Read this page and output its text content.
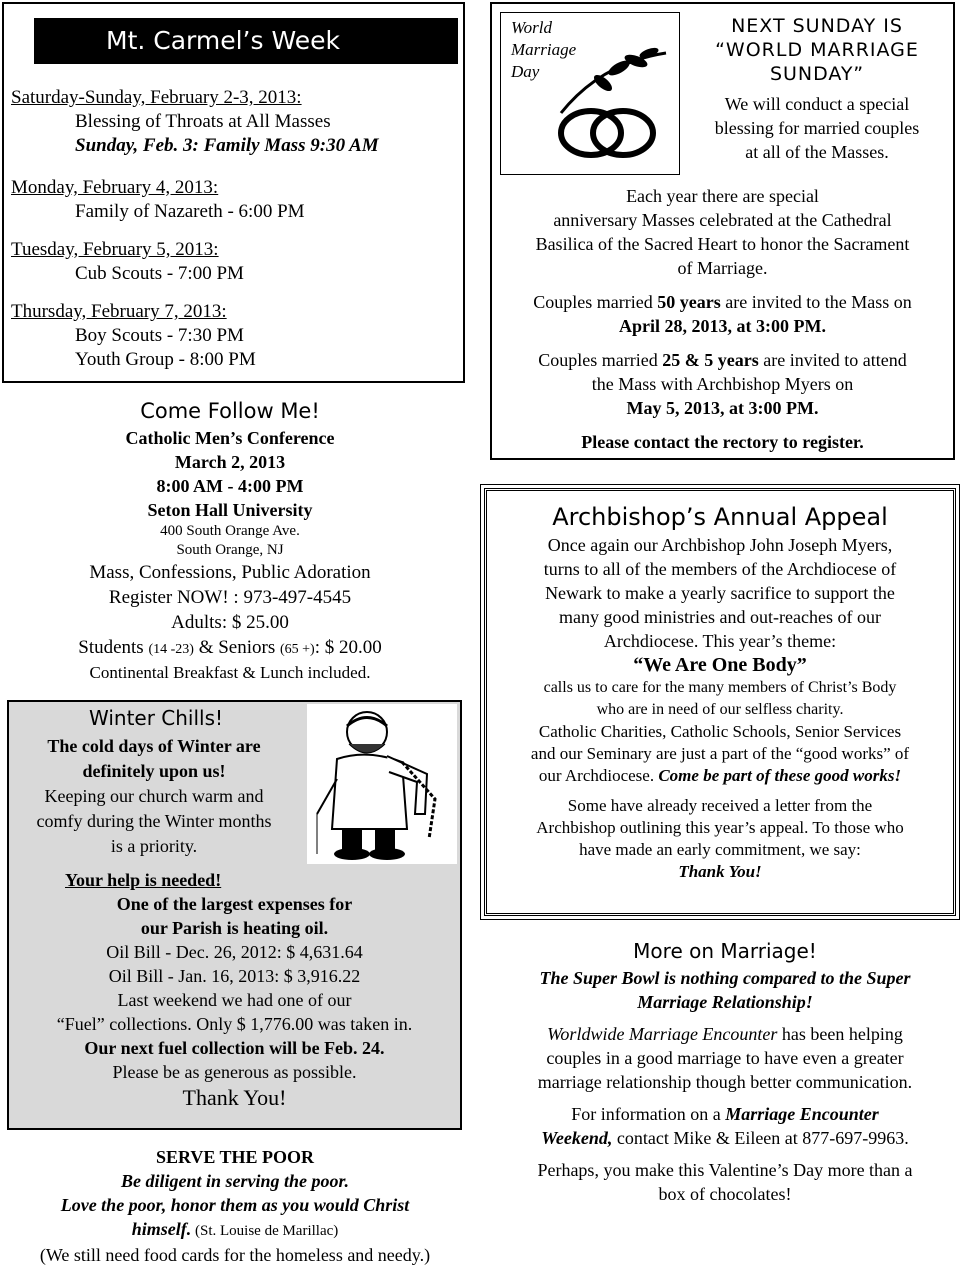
Mt. Carmel’s Week
Saturday-Sunday, February 2-3, 2013:
Blessing of Throats at All Masses
Sunday, Feb. 3: Family Mass 9:30 AM
Monday, February 4, 2013:
Family of Nazareth - 6:00 PM
Tuesday, February 5, 2013:
Cub Scouts - 7:00 PM
Thursday, February 7, 2013:
Boy Scouts - 7:30 PM
Youth Group - 8:00 PM
Come Follow Me!
Catholic Men’s Conference
March 2, 2013
8:00 AM - 4:00 PM
Seton Hall University
400 South Orange Ave.
South Orange, NJ
Mass, Confessions, Public Adoration
Register NOW! : 973-497-4545
Adults: $ 25.00
Students (14 -23) & Seniors (65 +): $ 20.00
Continental Breakfast & Lunch included.
Winter Chills!
The cold days of Winter are
definitely upon us!
Keeping our church warm and
comfy during the Winter months
is a priority.
Your help is needed!
One of the largest expenses for
our Parish is heating oil.
Oil Bill - Dec. 26, 2012: $ 4,631.64
Oil Bill - Jan. 16, 2013: $ 3,916.22
Last weekend we had one of our
“Fuel” collections. Only $ 1,776.00 was taken in.
Our next fuel collection will be Feb. 24.
Please be as generous as possible.
Thank You!
SERVE THE POOR
Be diligent in serving the poor.
Love the poor, honor them as you would Christ
himself. (St. Louise de Marillac)
(We still need food cards for the homeless and needy.)
World
Marriage
Day
NEXT SUNDAY IS
“WORLD MARRIAGE
SUNDAY”
We will conduct a special
blessing for married couples
at all of the Masses.
Each year there are special
anniversary Masses celebrated at the Cathedral
Basilica of the Sacred Heart to honor the Sacrament
of Marriage.
Couples married 50 years are invited to the Mass on
April 28, 2013, at 3:00 PM.
Couples married 25 & 5 years are invited to attend
the Mass with Archbishop Myers on
May 5, 2013, at 3:00 PM.
Please contact the rectory to register.
Archbishop’s Annual Appeal
Once again our Archbishop John Joseph Myers,
turns to all of the members of the Archdiocese of
Newark to make a yearly sacrifice to support the
many good ministries and out-reaches of our
Archdiocese. This year’s theme:
“We Are One Body”
calls us to care for the many members of Christ’s Body
who are in need of our selfless charity.
Catholic Charities, Catholic Schools, Senior Services
and our Seminary are just a part of the “good works” of
our Archdiocese. Come be part of these good works!
Some have already received a letter from the
Archbishop outlining this year’s appeal. To those who
have made an early commitment, we say:
Thank You!
More on Marriage!
The Super Bowl is nothing compared to the Super
Marriage Relationship!
Worldwide Marriage Encounter has been helping
couples in a good marriage to have even a greater
marriage relationship though better communication.
For information on a Marriage Encounter
Weekend, contact Mike & Eileen at 877-697-9963.
Perhaps, you make this Valentine’s Day more than a
box of chocolates!
